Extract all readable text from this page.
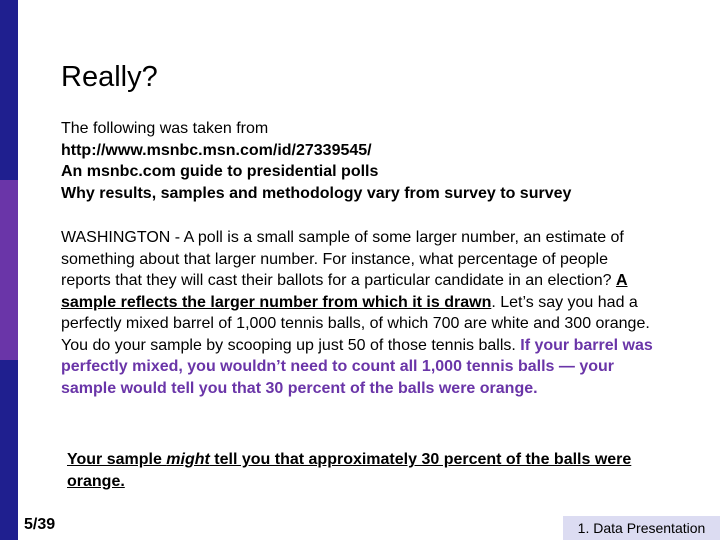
Really?
The following was taken from
http://www.msnbc.msn.com/id/27339545/
An msnbc.com guide to presidential polls
Why results, samples and methodology vary from survey to survey

WASHINGTON - A poll is a small sample of some larger number, an estimate of something about that larger number. For instance, what percentage of people reports that they will cast their ballots for a particular candidate in an election? A sample reflects the larger number from which it is drawn. Let’s say you had a perfectly mixed barrel of 1,000 tennis balls, of which 700 are white and 300 orange. You do your sample by scooping up just 50 of those tennis balls. If your barrel was perfectly mixed, you wouldn’t need to count all 1,000 tennis balls — your sample would tell you that 30 percent of the balls were orange.

Your sample might tell you that approximately 30 percent of the balls were orange.

5/39	1. Data Presentation
